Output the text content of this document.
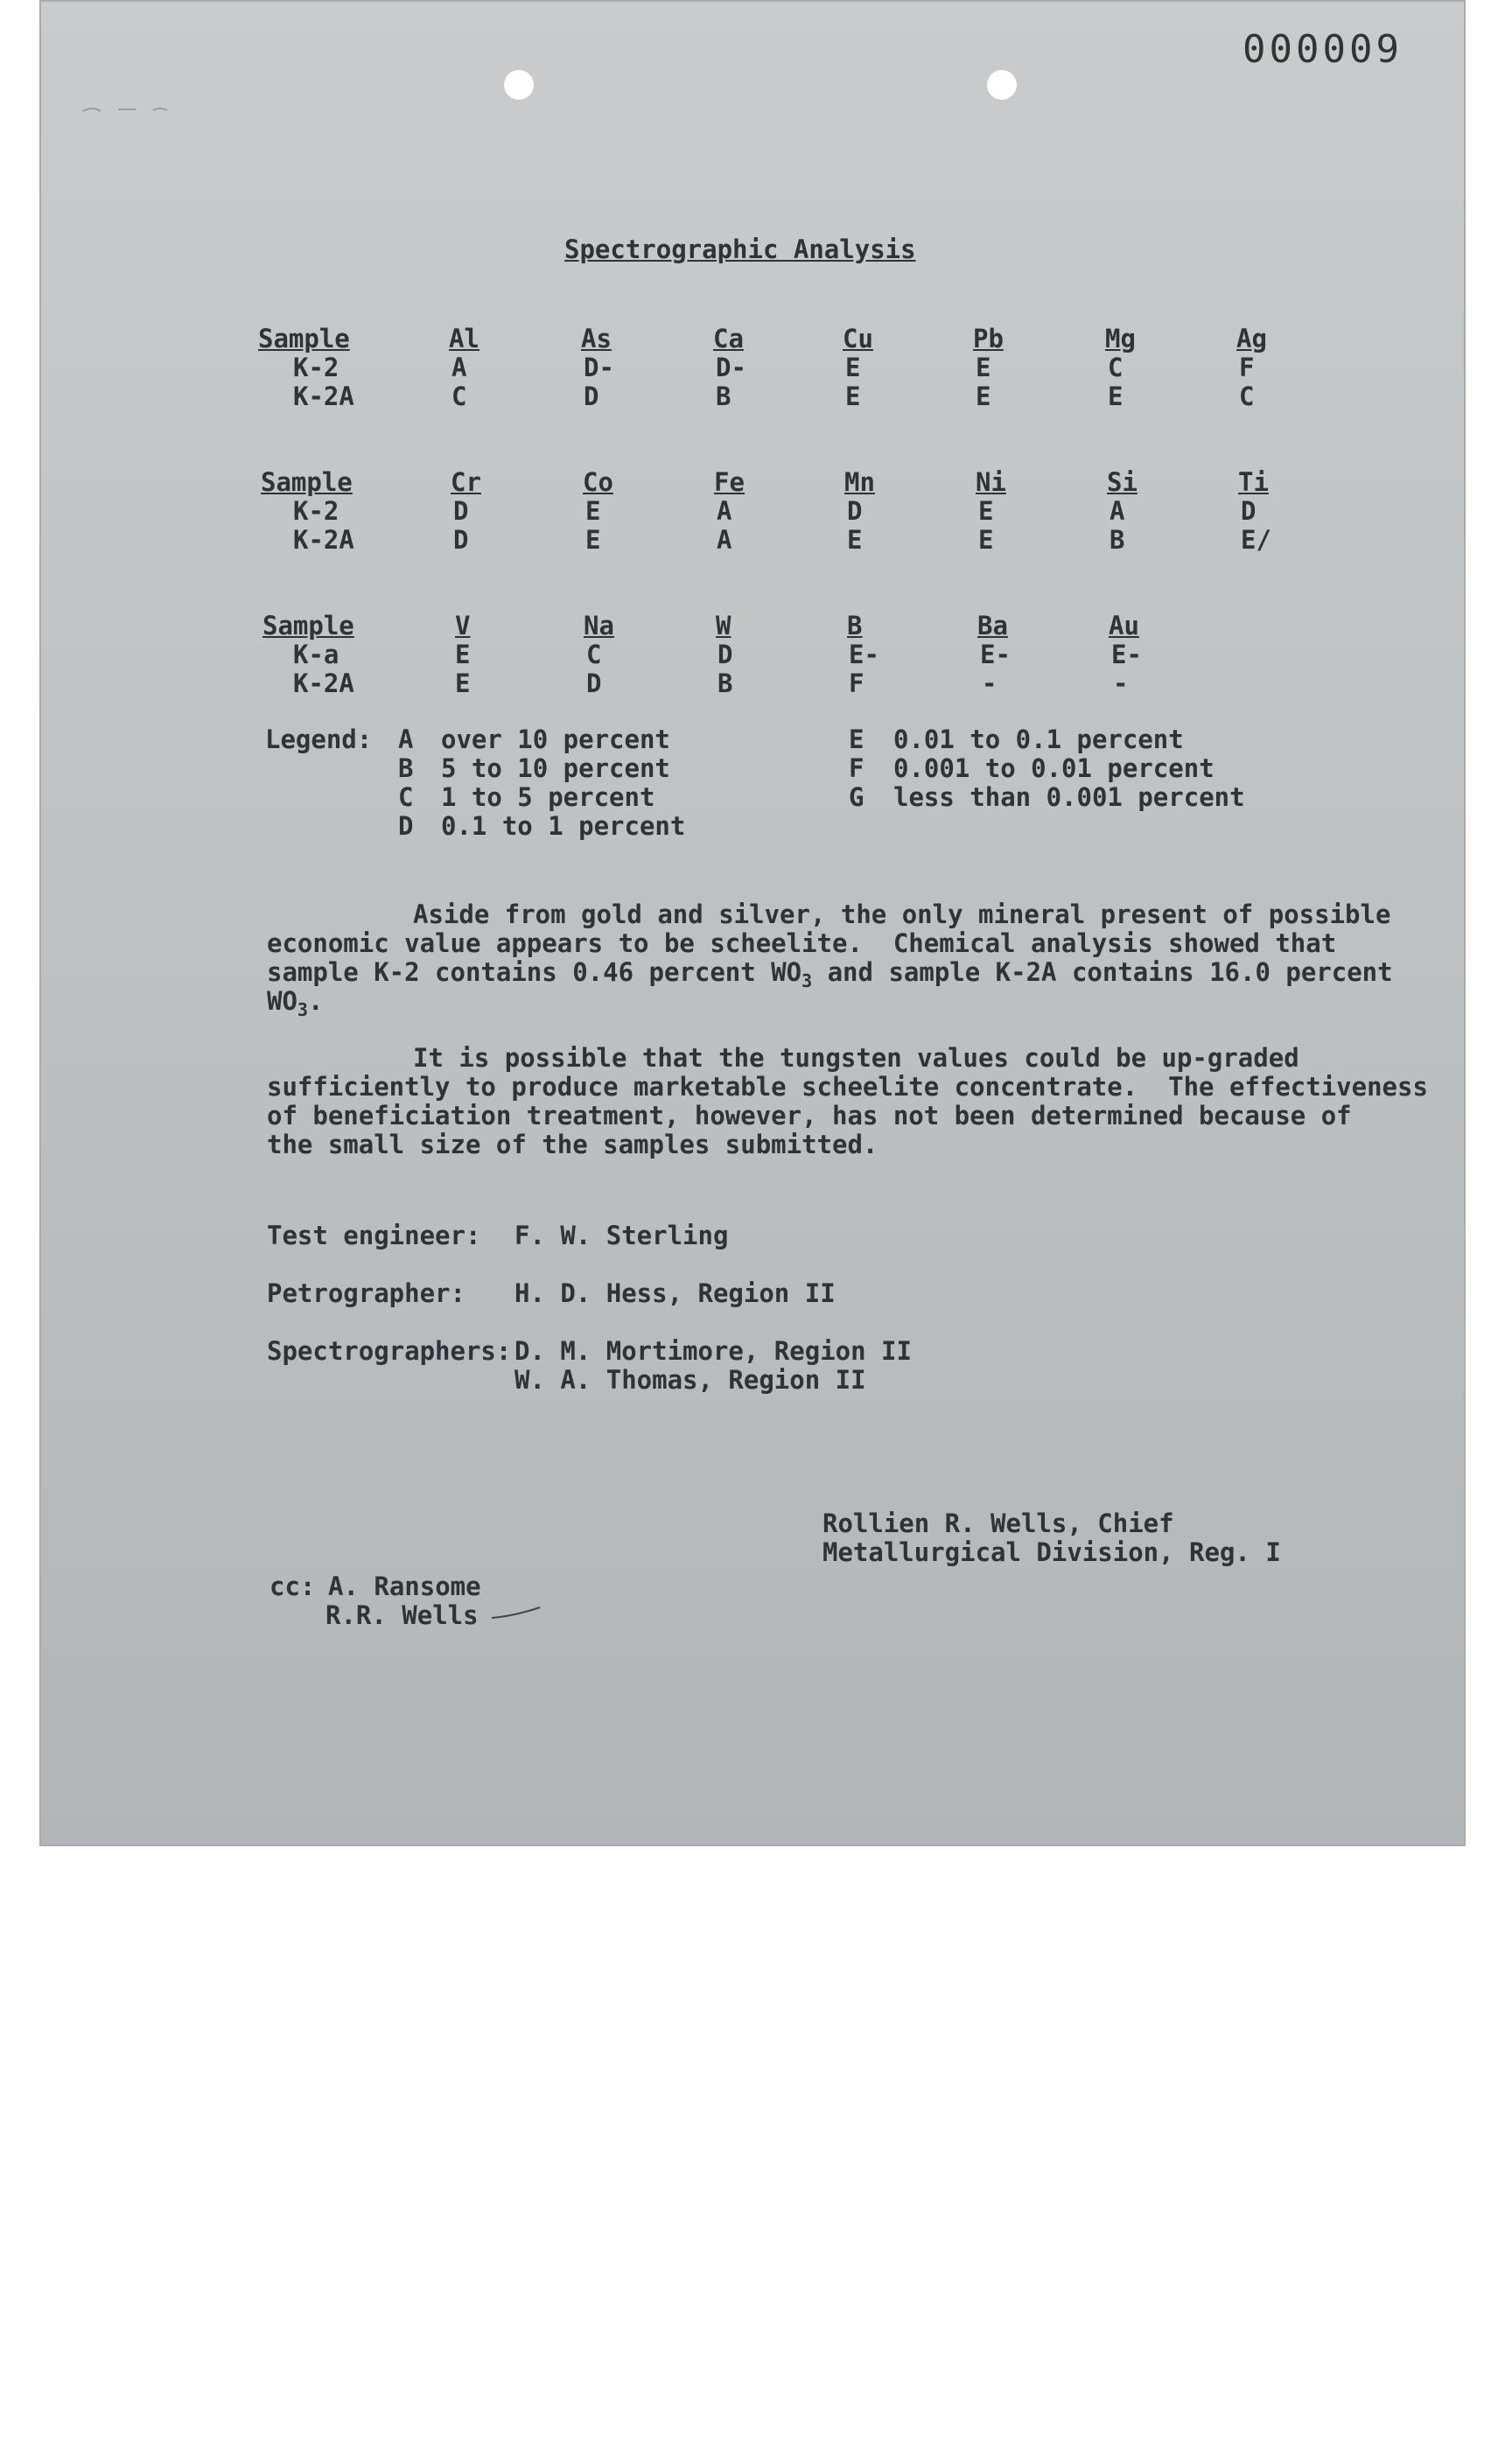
000009
Spectrographic Analysis
Sample	Al	As	Ca	Cu	Pb	Mg	Ag
K-2	A	D-	D-	E	E	C	F
K-2A	C	D	B	E	E	E	C
Sample	Cr	Co	Fe	Mn	Ni	Si	Ti
K-2	D	E	A	D	E	A	D
K-2A	D	E	A	E	E	B	E/
Sample	V	Na	W	B	Ba	Au
K-a	E	C	D	E-	E-	E-
K-2A	E	D	B	F	-	-
Legend: A over 10 percent
B 5 to 10 percent
C 1 to 5 percent
D 0.1 to 1 percent
E 0.01 to 0.1 percent
F 0.001 to 0.01 percent
G less than 0.001 percent
Aside from gold and silver, the only mineral present of possible
economic value appears to be scheelite.  Chemical analysis showed that
sample K-2 contains 0.46 percent $WO_3$ and sample K-2A contains 16.0 percent
$WO_3$.
It is possible that the tungsten values could be up-graded
sufficiently to produce marketable scheelite concentrate.  The effectiveness
of beneficiation treatment, however, has not been determined because of
the small size of the samples submitted.
Test engineer: F. W. Sterling
Petrographer: H. D. Hess, Region II
Spectrographers: D. M. Mortimore, Region II
W. A. Thomas, Region II
Rollien R. Wells, Chief
Metallurgical Division, Reg. I
cc: A. Ransome
R.R. Wells
